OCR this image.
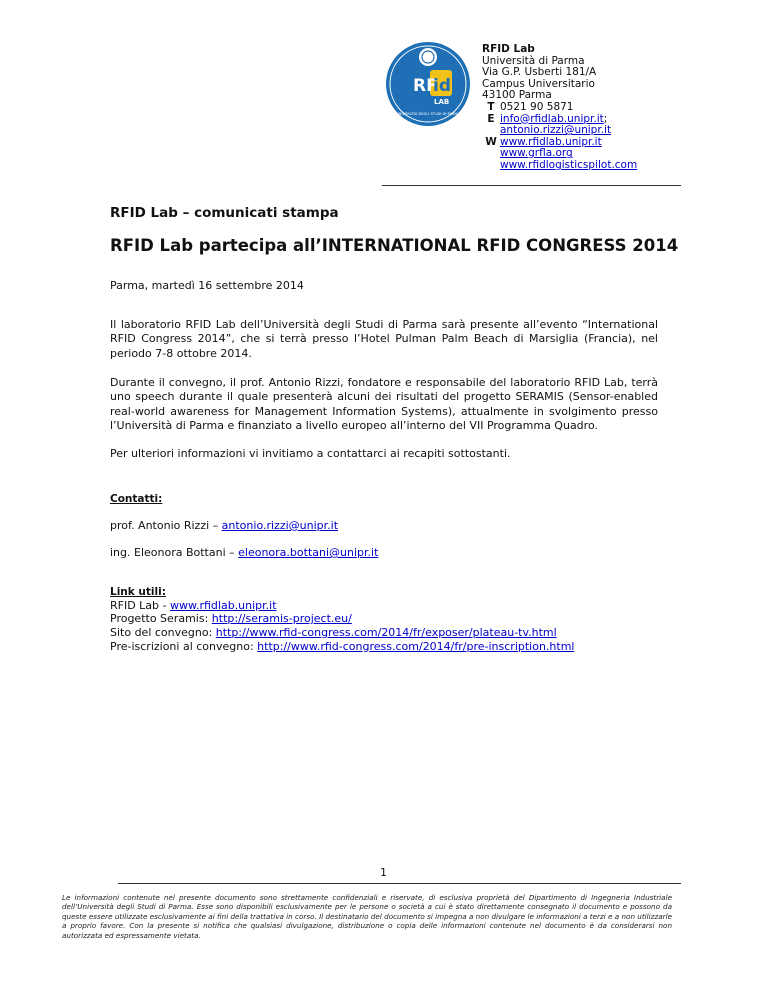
RF
id
LAB
UNIVERSITÀ DEGLI STUDI DI PARMA
RFID Lab
Università di Parma
Via G.P. Usberti 181/A
Campus Universitario
43100 Parma
T 0521 90 5871
E info@rfidlab.unipr.it;
antonio.rizzi@unipr.it
W www.rfidlab.unipr.it
www.grfla.org
www.rfidlogisticspilot.com
RFID Lab – comunicati stampa
RFID Lab partecipa all’INTERNATIONAL RFID CONGRESS 2014
Parma, martedì 16 settembre 2014
Il laboratorio RFID Lab dell’Università degli Studi di Parma sarà presente all’evento “International RFID Congress 2014”, che si terrà presso l’Hotel Pulman Palm Beach di Marsiglia (Francia), nel periodo 7-8 ottobre 2014.
Durante il convegno, il prof. Antonio Rizzi, fondatore e responsabile del laboratorio RFID Lab, terrà uno speech durante il quale presenterà alcuni dei risultati del progetto SERAMIS (Sensor-enabled real-world awareness for Management Information Systems), attualmente in svolgimento presso l’Università di Parma e finanziato a livello europeo all’interno del VII Programma Quadro.
Per ulteriori informazioni vi invitiamo a contattarci ai recapiti sottostanti.
Contatti:
prof. Antonio Rizzi – antonio.rizzi@unipr.it
ing. Eleonora Bottani – eleonora.bottani@unipr.it
Link utili:
RFID Lab - www.rfidlab.unipr.it
Progetto Seramis: http://seramis-project.eu/
Sito del convegno: http://www.rfid-congress.com/2014/fr/exposer/plateau-tv.html
Pre-iscrizioni al convegno: http://www.rfid-congress.com/2014/fr/pre-inscription.html
1
Le informazioni contenute nel presente documento sono strettamente confidenziali e riservate, di esclusiva proprietà del Dipartimento di Ingegneria Industriale dell’Università degli Studi di Parma. Esse sono disponibili esclusivamente per le persone o società a cui è stato direttamente consegnato il documento e possono da queste essere utilizzate esclusivamente ai fini della trattativa in corso. Il destinatario del documento si impegna a non divulgare le informazioni a terzi e a non utilizzarle a proprio favore. Con la presente si notifica che qualsiasi divulgazione, distribuzione o copia delle informazioni contenute nel documento è da considerarsi non autorizzata ed espressamente vietata.
